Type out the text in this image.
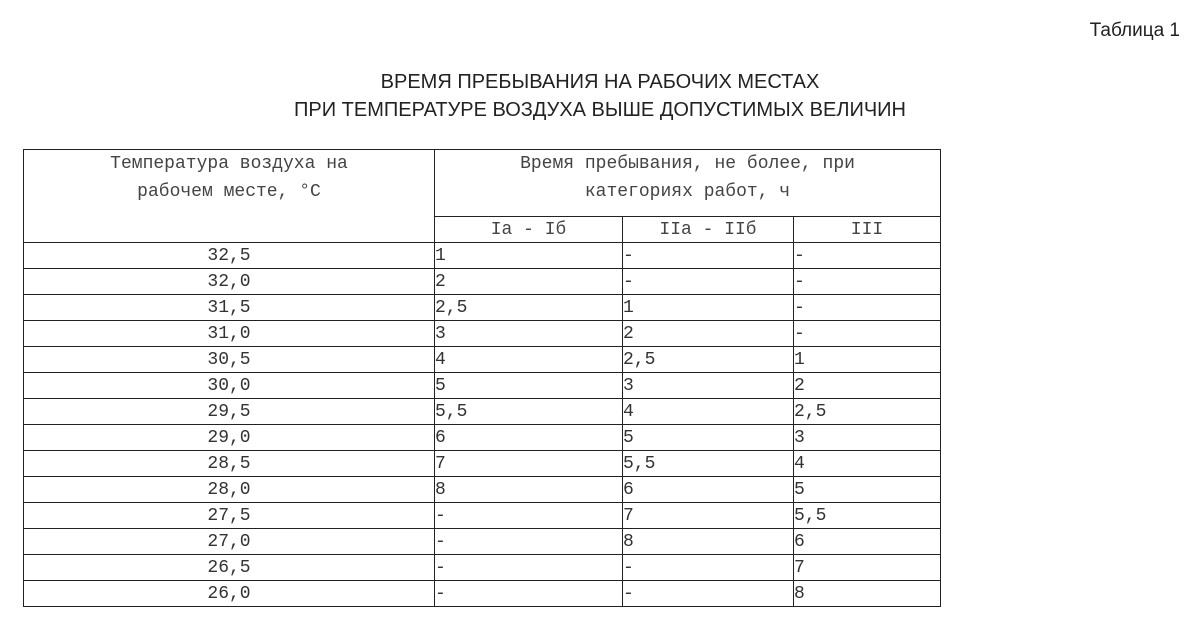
Таблица 1
ВРЕМЯ ПРЕБЫВАНИЯ НА РАБОЧИХ МЕСТАХ
ПРИ ТЕМПЕРАТУРЕ ВОЗДУХА ВЫШЕ ДОПУСТИМЫХ ВЕЛИЧИН
Температура воздуха на
рабочем месте, °С	Время пребывания, не более, при
категориях работ, ч		

	Iа - Iб	IIа - IIб	III
32,5	1	-	-
32,0	2	-	-
31,5	2,5	1	-
31,0	3	2	-
30,5	4	2,5	1
30,0	5	3	2
29,5	5,5	4	2,5
29,0	6	5	3
28,5	7	5,5	4
28,0	8	6	5
27,5	-	7	5,5
27,0	-	8	6
26,5	-	-	7
26,0	-	-	8
